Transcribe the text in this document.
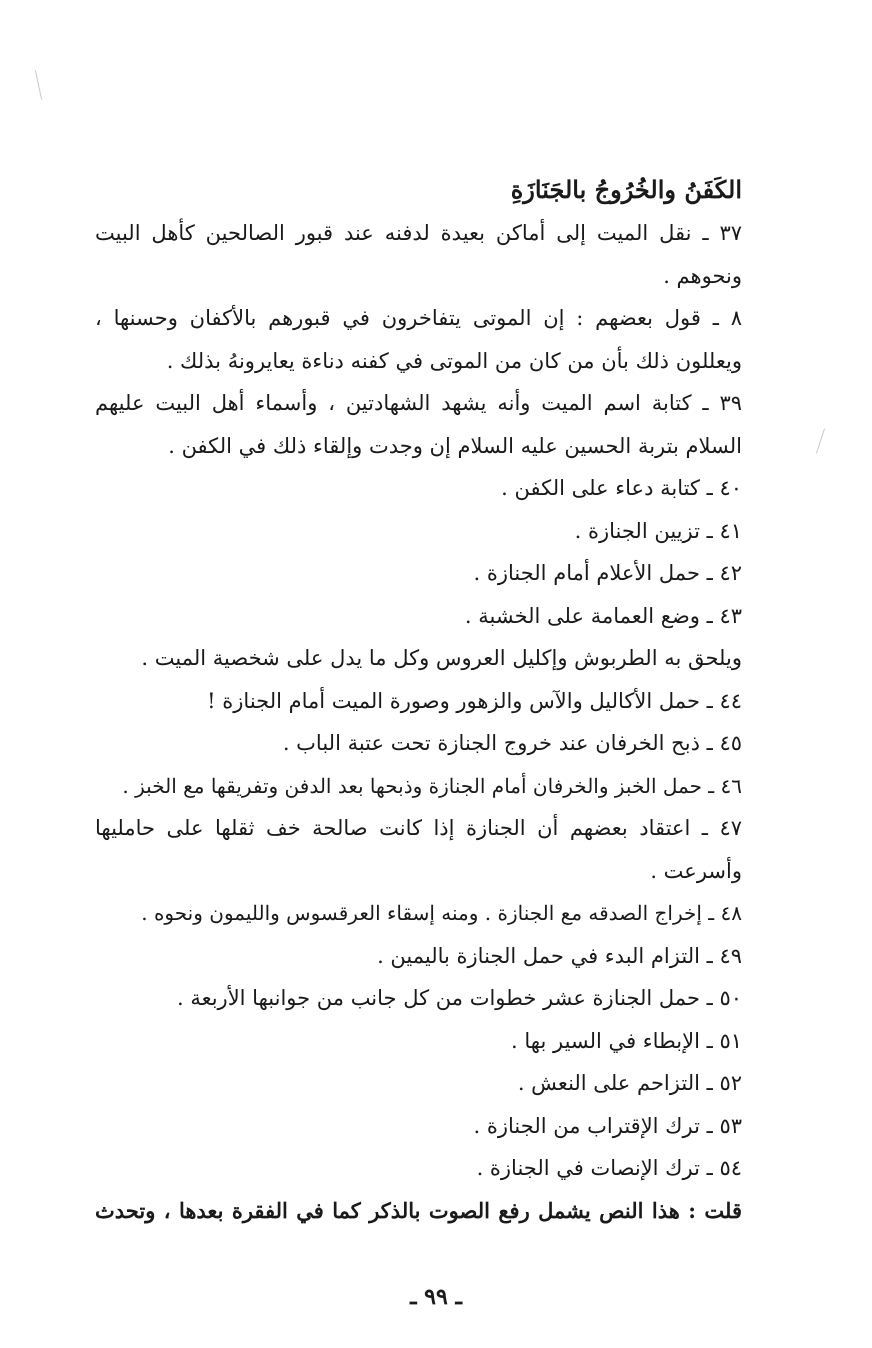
الكَفَنُ والخُرُوجُ بالجَنَازَةِ
٣٧ ـ نقل الميت إلى أماكن بعيدة لدفنه عند قبور الصالحين كأهل البيت
ونحوهم .
٨ ـ قول بعضهم : إن الموتى يتفاخرون في قبورهم بالأكفان وحسنها ،
ويعللون ذلك بأن من كان من الموتى في كفنه دناءة يعايرونهُ بذلك .
٣٩ ـ كتابة اسم الميت وأنه يشهد الشهادتين ، وأسماء أهل البيت عليهم
السلام بتربة الحسين عليه السلام إن وجدت وإلقاء ذلك في الكفن .
٤٠ ـ كتابة دعاء على الكفن .
٤١ ـ تزيين الجنازة .
٤٢ ـ حمل الأعلام أمام الجنازة .
٤٣ ـ وضع العمامة على الخشبة .
ويلحق به الطربوش وإكليل العروس وكل ما يدل على شخصية الميت .
٤٤ ـ حمل الأكاليل والآس والزهور وصورة الميت أمام الجنازة !
٤٥ ـ ذبح الخرفان عند خروج الجنازة تحت عتبة الباب .
٤٦ ـ حمل الخبز والخرفان أمام الجنازة وذبحها بعد الدفن وتفريقها مع الخبز .
٤٧ ـ اعتقاد بعضهم أن الجنازة إذا كانت صالحة خف ثقلها على حامليها
وأسرعت .
٤٨ ـ إخراج الصدقه مع الجنازة . ومنه إسقاء العرقسوس والليمون ونحوه .
٤٩ ـ التزام البدء في حمل الجنازة باليمين .
٥٠ ـ حمل الجنازة عشر خطوات من كل جانب من جوانبها الأربعة .
٥١ ـ الإبطاء في السير بها .
٥٢ ـ التزاحم على النعش .
٥٣ ـ ترك الإقتراب من الجنازة .
٥٤ ـ ترك الإنصات في الجنازة .
قلت : هذا النص يشمل رفع الصوت بالذكر كما في الفقرة بعدها ، وتحدث
ـ ٩٩ ـ
